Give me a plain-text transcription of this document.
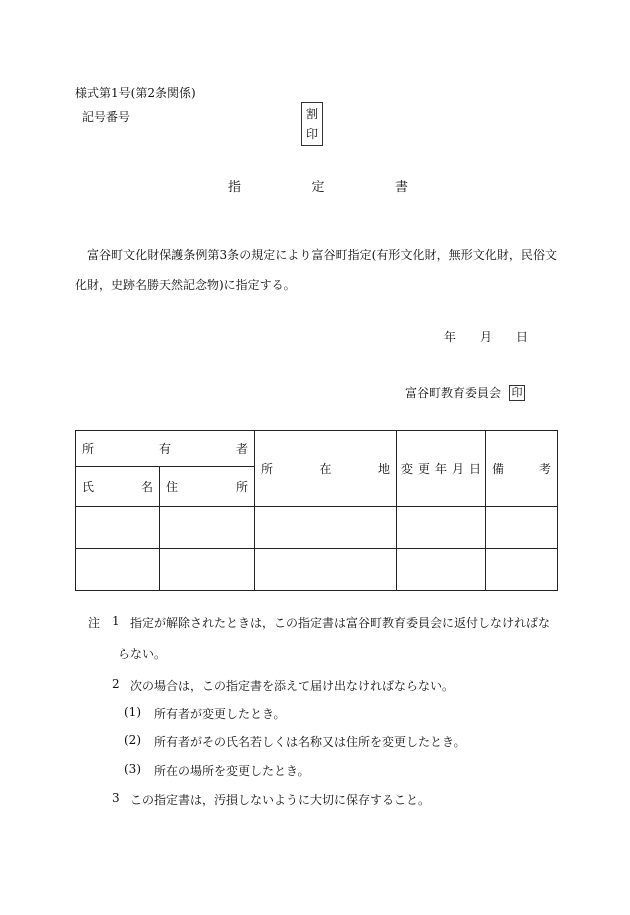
様式第1号(第2条関係)
記号番号	割
印
指	定	書
富谷町文化財保護条例第3条の規定により富谷町指定(有形文化財，無形文化財，民俗文化財，史跡名勝天然記念物)に指定する。
年 月 日
富谷町教育委員会 印
所 有 者		所 在 地	変 更 年 月 日	備 考

氏 名	住 所			

注 1 指定が解除されたときは，この指定書は富谷町教育委員会に返付しなければな
らない。
2 次の場合は，この指定書を添えて届け出なければならない。
(1) 所有者が変更したとき。
(2) 所有者がその氏名若しくは名称又は住所を変更したとき。
(3) 所在の場所を変更したとき。
3 この指定書は，汚損しないように大切に保存すること。
